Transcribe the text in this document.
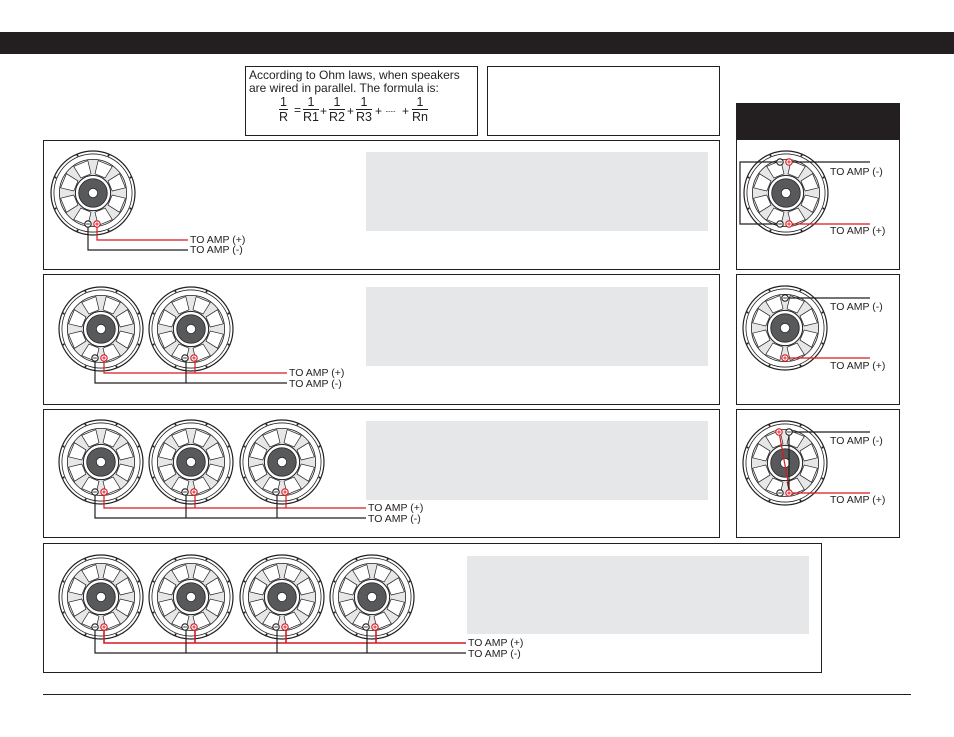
According to Ohm laws, when speakers are wired in parallel. The formula is:
$\frac{1}{R} = \frac{1}{R1} + \frac{1}{R2} + \frac{1}{R3}$ + ······ + $\frac{1}{Rn}$
TO AMP (+)
TO AMP (-)
TO AMP (+)
TO AMP (-)
TO AMP (+)
TO AMP (-)
TO AMP (+)
TO AMP (-)
TO AMP (-)
TO AMP (+)
TO AMP (-)
TO AMP (+)
TO AMP (-)
TO AMP (+)
